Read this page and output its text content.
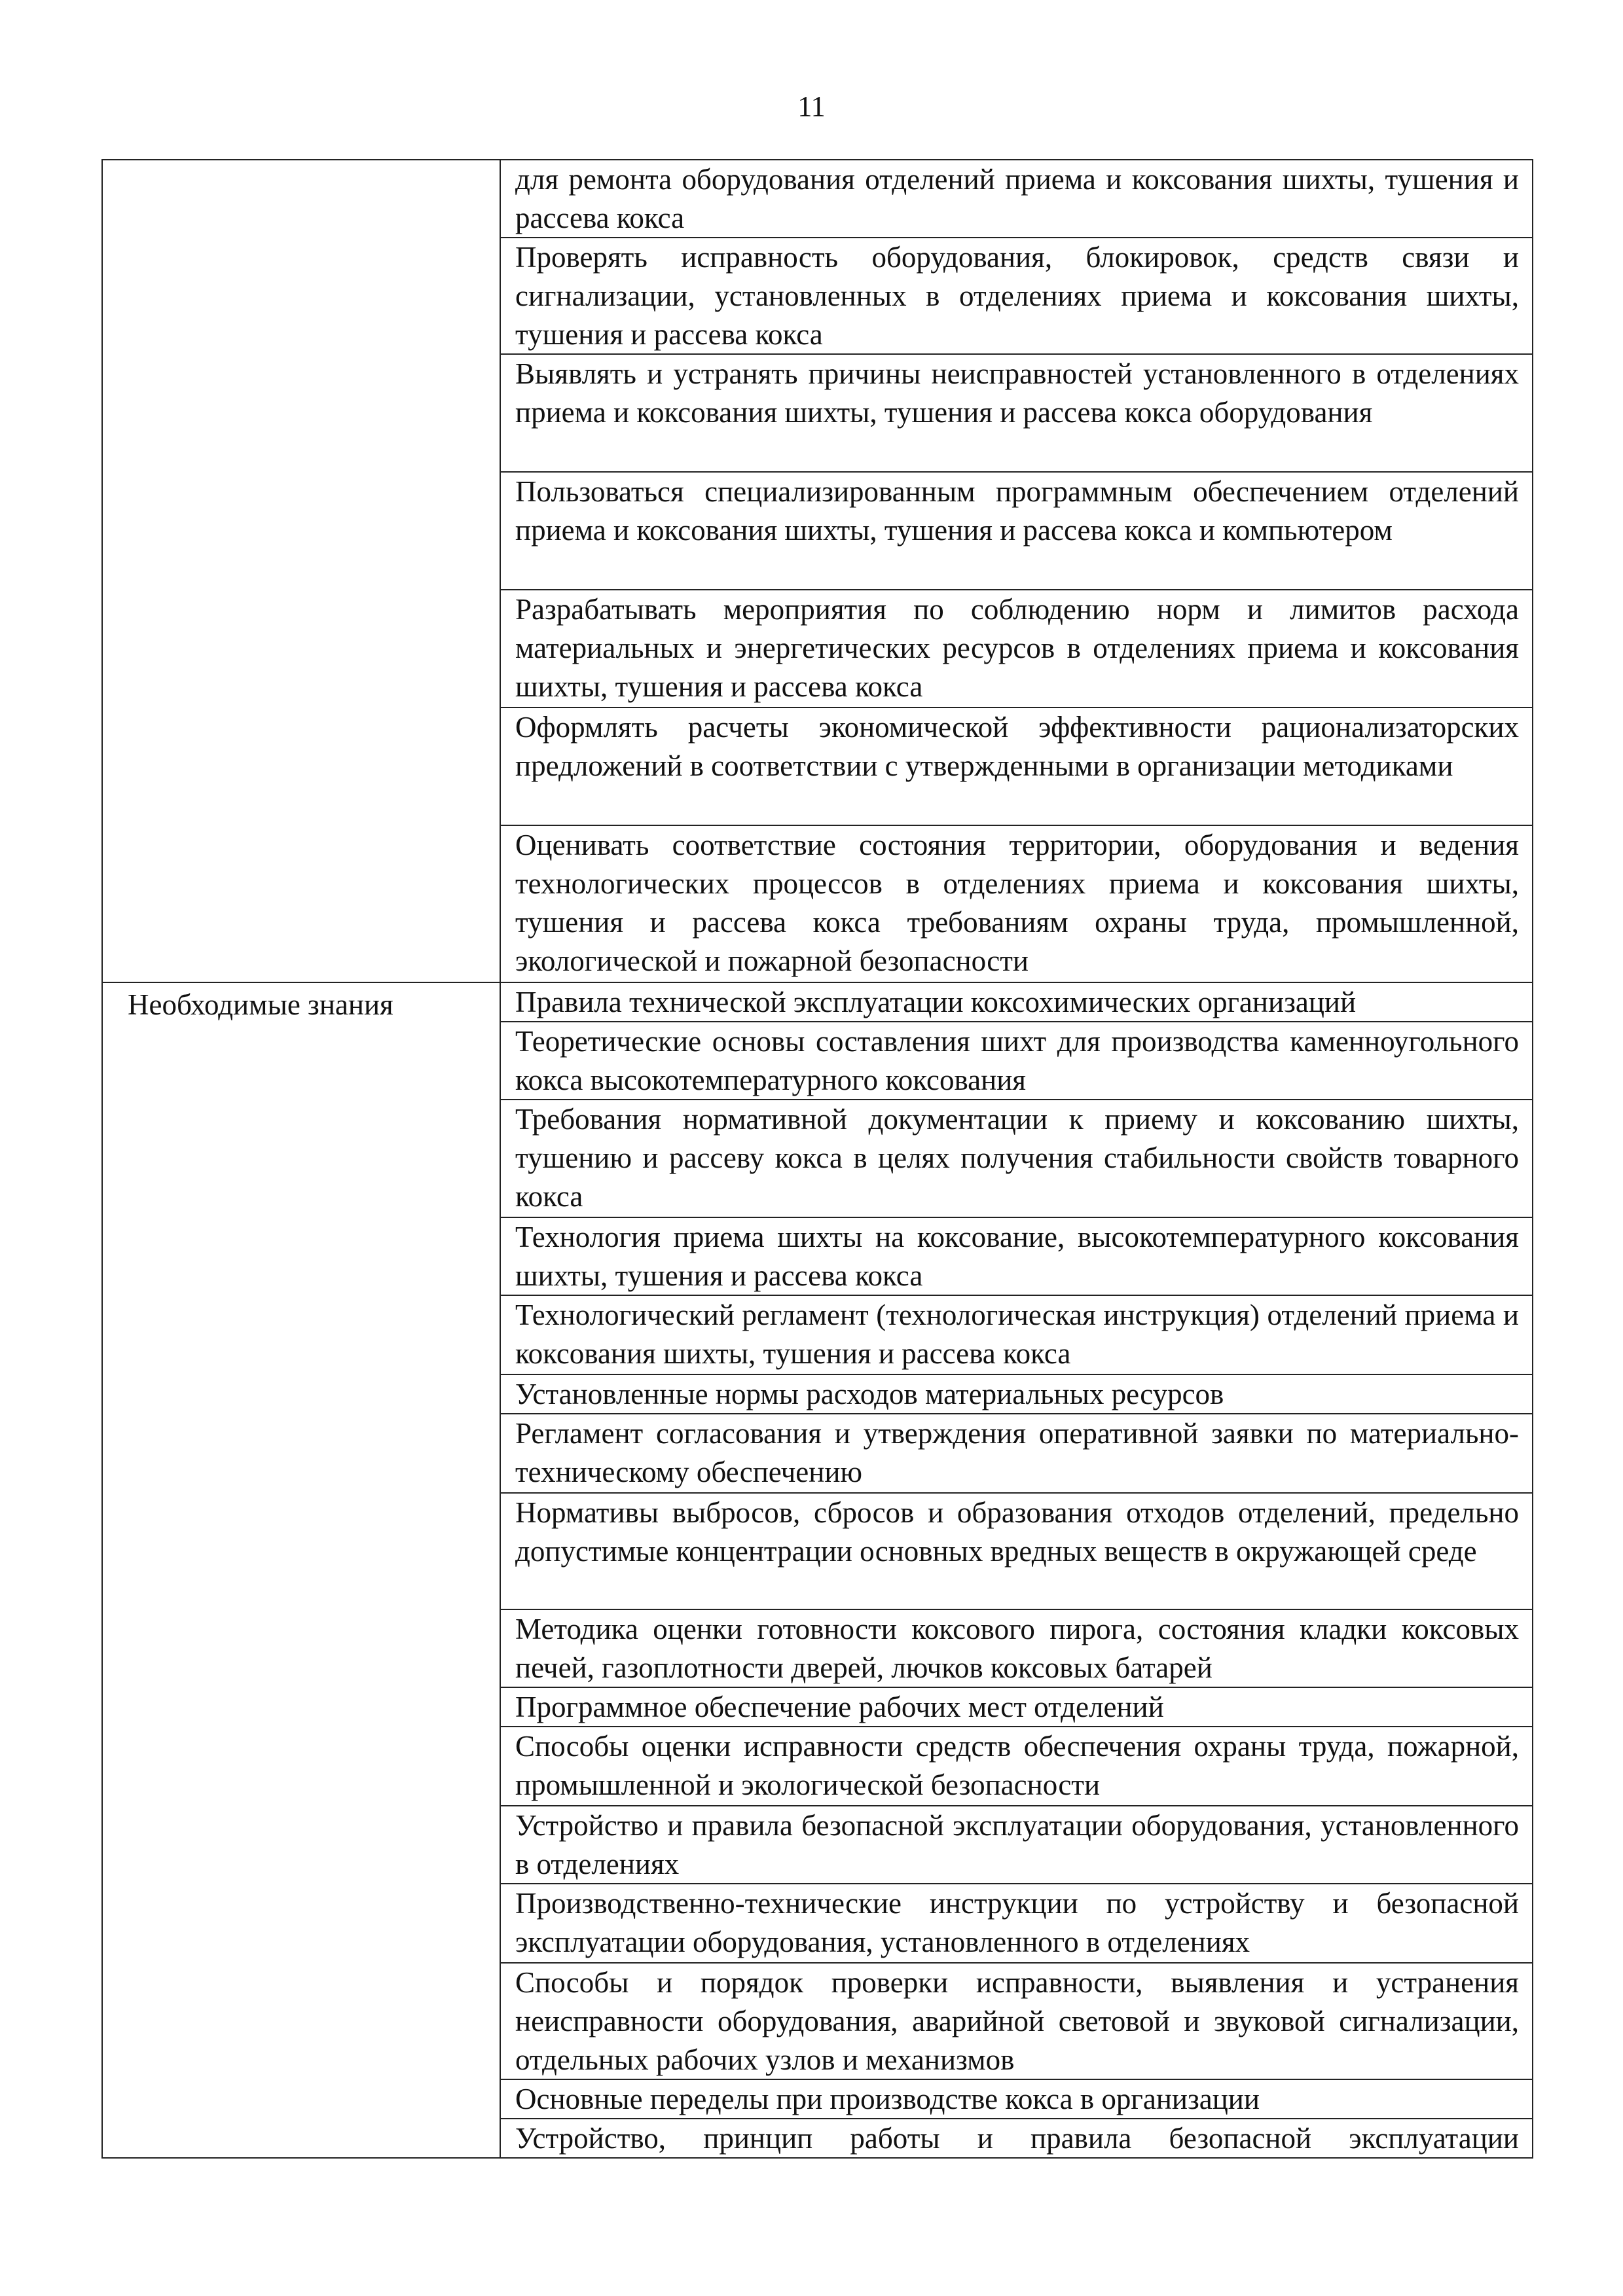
11

	для ремонта оборудования отделений приема и коксования шихты, тушения и рассева кокса

	Проверять исправность оборудования, блокировок, средств связи и сигнализации, установленных в отделениях приема и коксования шихты, тушения и рассева кокса

	Выявлять и устранять причины неисправностей установленного в отделениях приема и коксования шихты, тушения и рассева кокса оборудования

	Пользоваться специализированным программным обеспечением отделений приема и коксования шихты, тушения и рассева кокса и компьютером

	Разрабатывать мероприятия по соблюдению норм и лимитов расхода материальных и энергетических ресурсов в отделениях приема и коксования шихты, тушения и рассева кокса

	Оформлять расчеты экономической эффективности рационализаторских предложений в соответствии с утвержденными в организации методиками

	Оценивать соответствие состояния территории, оборудования и ведения технологических процессов в отделениях приема и коксования шихты, тушения и рассева кокса требованиям охраны труда, промышленной, экологической и пожарной безопасности

Необходимые знания	Правила технической эксплуатации коксохимических организаций

	Теоретические основы составления шихт для производства каменноугольного кокса высокотемпературного коксования

	Требования нормативной документации к приему и коксованию шихты, тушению и рассеву кокса в целях получения стабильности свойств товарного кокса

	Технология приема шихты на коксование, высокотемпературного коксования шихты, тушения и рассева кокса

	Технологический регламент (технологическая инструкция) отделений приема и коксования шихты, тушения и рассева кокса

	Установленные нормы расходов материальных ресурсов

	Регламент согласования и утверждения оперативной заявки по материально-техническому обеспечению

	Нормативы выбросов, сбросов и образования отходов отделений, предельно допустимые концентрации основных вредных веществ в окружающей среде

	Методика оценки готовности коксового пирога, состояния кладки коксовых печей, газоплотности дверей, лючков коксовых батарей

	Программное обеспечение рабочих мест отделений

	Способы оценки исправности средств обеспечения охраны труда, пожарной, промышленной и экологической безопасности

	Устройство и правила безопасной эксплуатации оборудования, установленного в отделениях

	Производственно-технические инструкции по устройству и безопасной эксплуатации оборудования, установленного в отделениях

	Способы и порядок проверки исправности, выявления и устранения неисправности оборудования, аварийной световой и звуковой сигнализации, отдельных рабочих узлов и механизмов

	Основные переделы при производстве кокса в организации

	Устройство, принцип работы и правила безопасной эксплуатации
